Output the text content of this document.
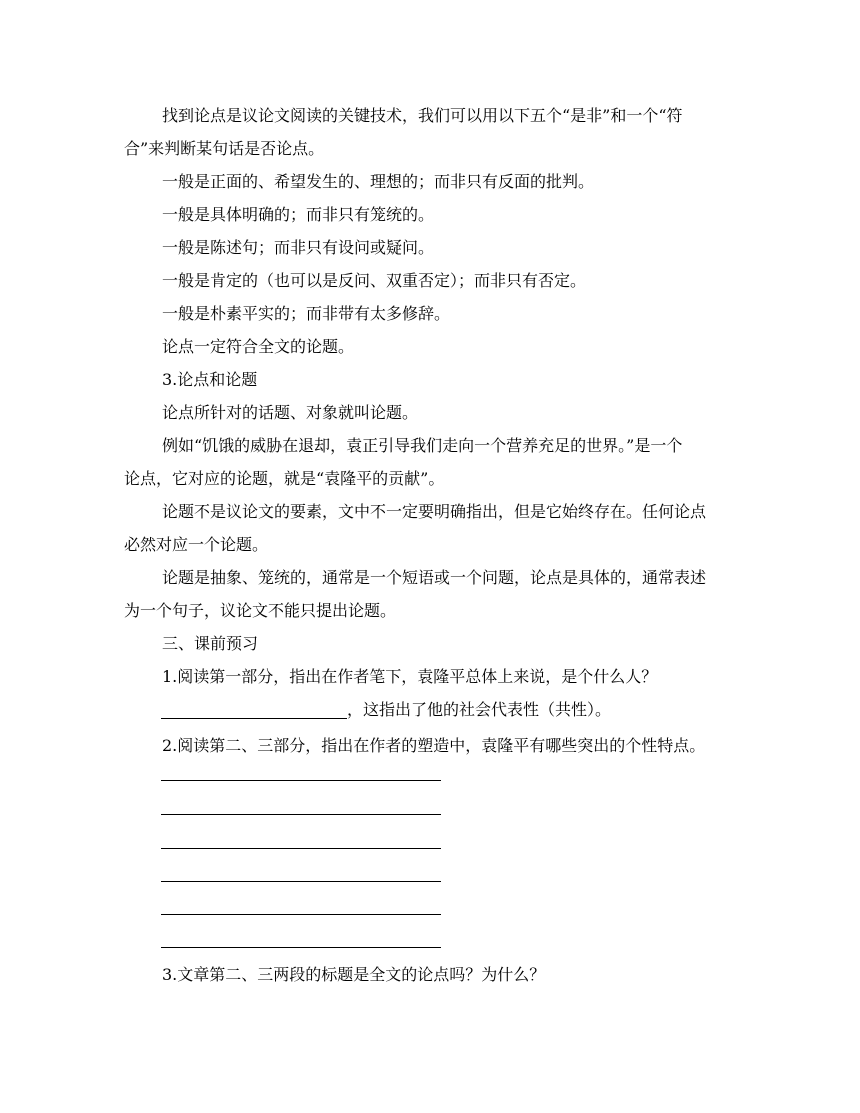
找到论点是议论文阅读的关键技术，我们可以用以下五个“是非”和一个“符
合”来判断某句话是否论点。
一般是正面的、希望发生的、理想的；而非只有反面的批判。
一般是具体明确的；而非只有笼统的。
一般是陈述句；而非只有设问或疑问。
一般是肯定的（也可以是反问、双重否定）；而非只有否定。
一般是朴素平实的；而非带有太多修辞。
论点一定符合全文的论题。
3.论点和论题
论点所针对的话题、对象就叫论题。
例如“饥饿的威胁在退却，袁正引导我们走向一个营养充足的世界。”是一个
论点，它对应的论题，就是“袁隆平的贡献”。
论题不是议论文的要素，文中不一定要明确指出，但是它始终存在。任何论点
必然对应一个论题。
论题是抽象、笼统的，通常是一个短语或一个问题，论点是具体的，通常表述
为一个句子，议论文不能只提出论题。
三、课前预习
1.阅读第一部分，指出在作者笔下，袁隆平总体上来说，是个什么人？
，这指出了他的社会代表性（共性）。
2.阅读第二、三部分，指出在作者的塑造中，袁隆平有哪些突出的个性特点。
3.文章第二、三两段的标题是全文的论点吗？为什么？
